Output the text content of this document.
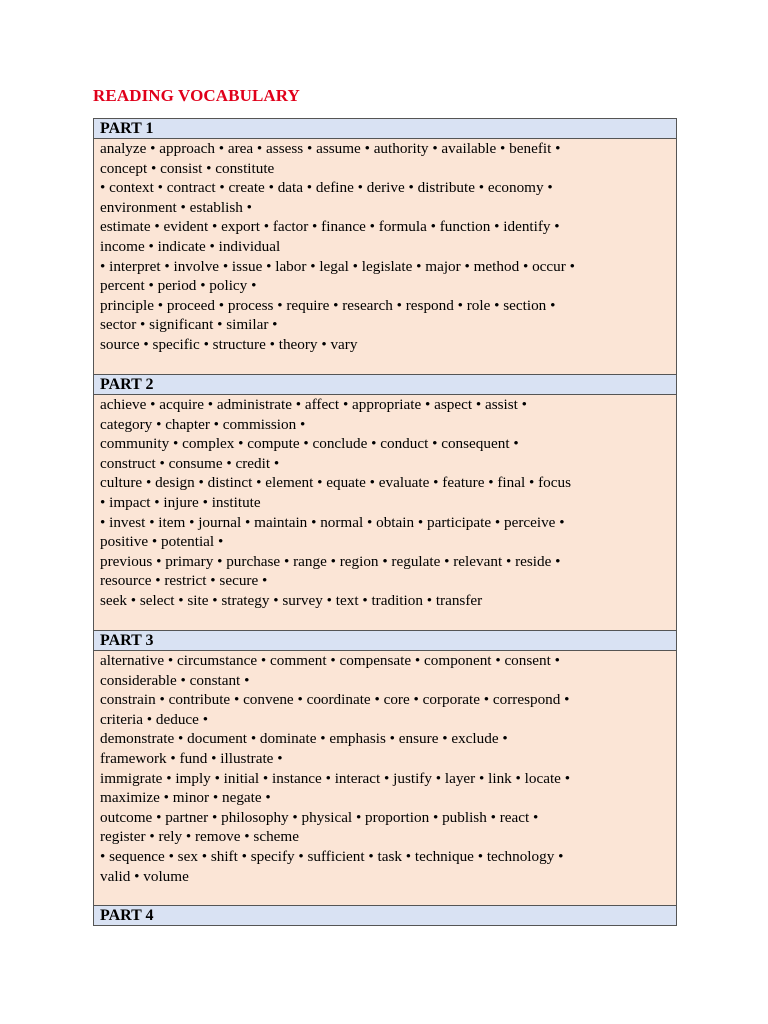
READING VOCABULARY
PART 1
analyze • approach • area • assess • assume • authority • available • benefit •
concept • consist • constitute
• context • contract • create • data • define • derive • distribute • economy •
environment • establish •
estimate • evident • export • factor • finance • formula • function • identify •
income • indicate • individual
• interpret • involve • issue • labor • legal • legislate • major • method • occur •
percent • period • policy •
principle • proceed • process • require • research • respond • role • section •
sector • significant • similar •
source • specific • structure • theory • vary
PART 2
achieve • acquire • administrate • affect • appropriate • aspect • assist •
category • chapter • commission •
community • complex • compute • conclude • conduct • consequent •
construct • consume • credit •
culture • design • distinct • element • equate • evaluate • feature • final • focus
• impact • injure • institute
• invest • item • journal • maintain • normal • obtain • participate • perceive •
positive • potential •
previous • primary • purchase • range • region • regulate • relevant • reside •
resource • restrict • secure •
seek • select • site • strategy • survey • text • tradition • transfer
PART 3
alternative • circumstance • comment • compensate • component • consent •
considerable • constant •
constrain • contribute • convene • coordinate • core • corporate • correspond •
criteria • deduce •
demonstrate • document • dominate • emphasis • ensure • exclude •
framework • fund • illustrate •
immigrate • imply • initial • instance • interact • justify • layer • link • locate •
maximize • minor • negate •
outcome • partner • philosophy • physical • proportion • publish • react •
register • rely • remove • scheme
• sequence • sex • shift • specify • sufficient • task • technique • technology •
valid • volume
PART 4
